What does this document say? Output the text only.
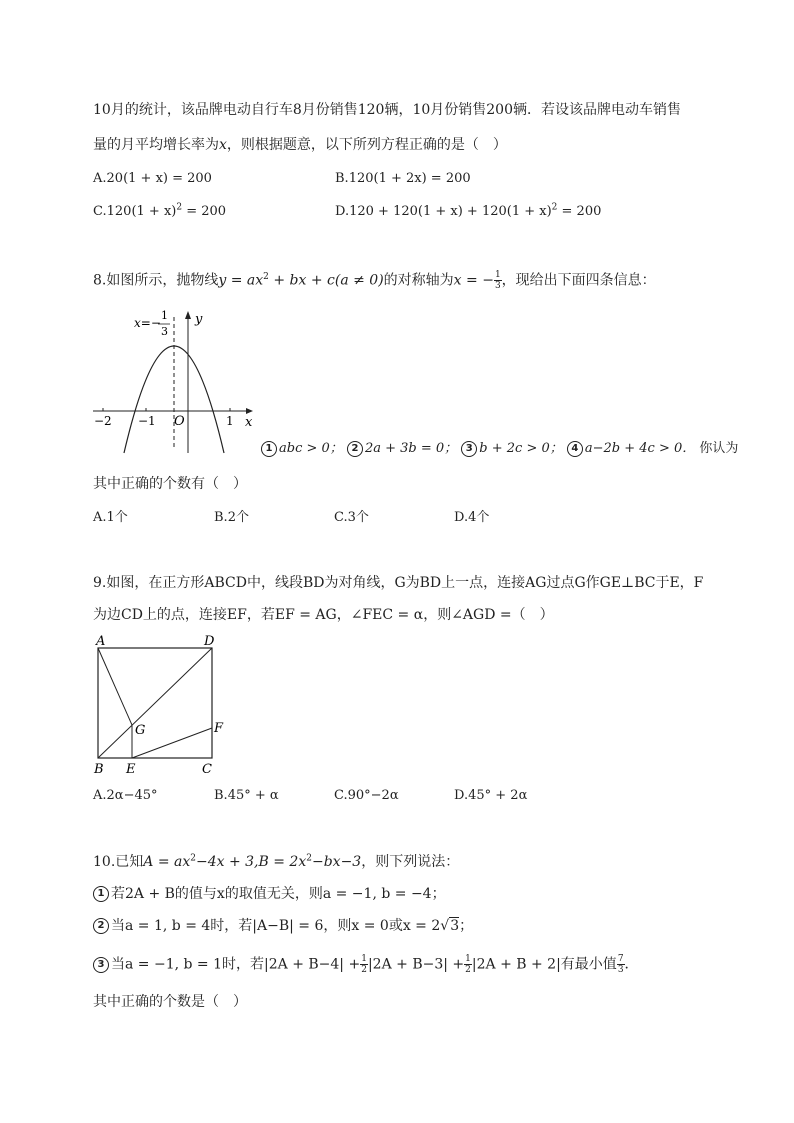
10月的统计，该品牌电动自行车8月份销售120辆，10月份销售200辆．若设该品牌电动车销售
量的月平均增长率为x，则根据题意，以下所列方程正确的是（　）
A.20(1 + x) = 200	B.120(1 + 2x) = 200
$C.120(1 + x)^2 = 200$	$D.120 + 120(1 + x) + 120(1 + x)^2 = 200$
8.如图所示，抛物线$y = ax^2$ + bx + c(a ≠ 0)的对称轴为x = − $\frac{1}{3}$ ，现给出下面四条信息：
y
x
O
−2 −1	1
x=−
1
3
1 abc > 0； 2 2a + 3b = 0； 3 b + 2c > 0； 4 a−2b + 4c > 0． 你认为
其中正确的个数有（　）
A.1个	B.2个	C.3个	D.4个
9.如图，在正方形ABCD中，线段BD为对角线，G为BD上一点，连接AG过点G作GE⊥BC于E，F
为边CD上的点，连接EF，若EF = AG，∠FEC = α，则∠AGD =（　）
A	D
B E	C
F
G
A.2α−45°	B.45° + α	C.90°−2α	D.45° + 2α
10.已知$A = ax^2-4x + 3,B = 2x^2-bx-3$，则下列说法：
1 若2A + B的值与x的取值无关，则a = −1, b = −4；
2 当a = 1, b = 4时，若|A−B| = 6，则x = 0或x = 2√3；
3 当a = −1, b = 1时，若$|2A + B-4| + \frac{1}{2} |2A + B-3| + \frac{1}{2} |2A + B + 2|$有最小值 $\frac{7}{3}$ ．
其中正确的个数是（　）
